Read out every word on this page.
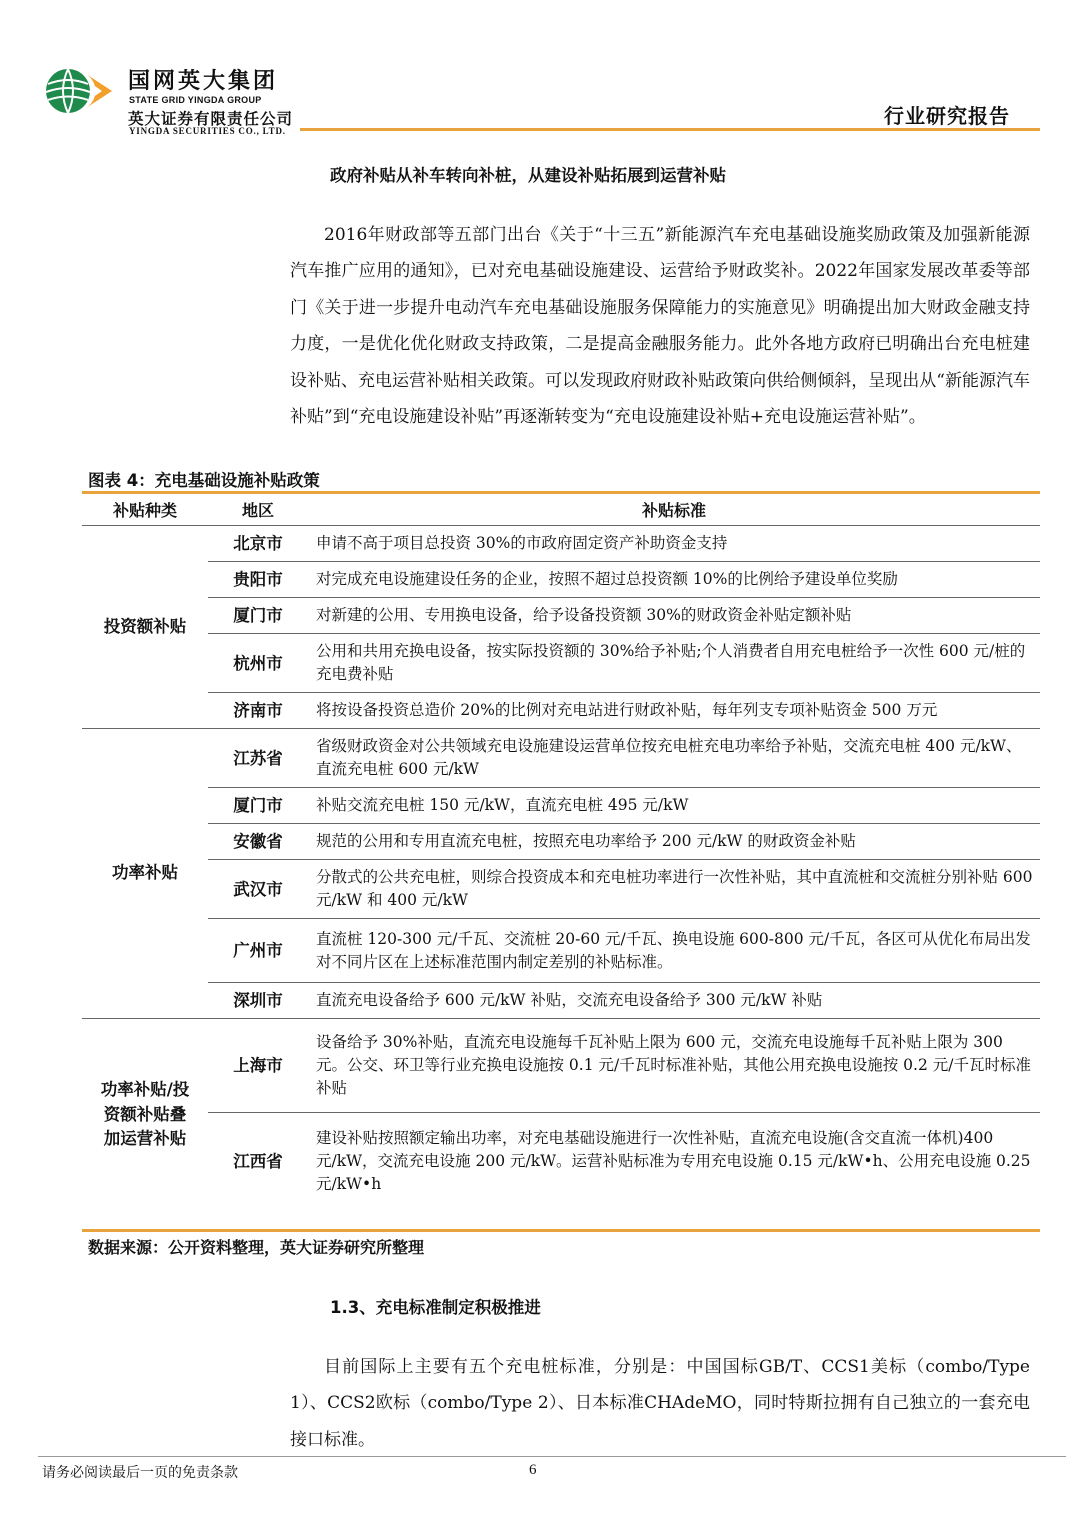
国网英大集团
STATE GRID YINGDA GROUP
英大证券有限责任公司
YINGDA SECURITIES CO., LTD.
行业研究报告
政府补贴从补车转向补桩，从建设补贴拓展到运营补贴

2016年财政部等五部门出台《关于“十三五”新能源汽车充电基础设施奖励政策及加强新能源汽车推广应用的通知》，已对充电基础设施建设、运营给予财政奖补。2022年国家发展改革委等部门《关于进一步提升电动汽车充电基础设施服务保障能力的实施意见》明确提出加大财政金融支持力度，一是优化优化财政支持政策，二是提高金融服务能力。此外各地方政府已明确出台充电桩建设补贴、充电运营补贴相关政策。可以发现政府财政补贴政策向供给侧倾斜，呈现出从“新能源汽车补贴”到“充电设施建设补贴”再逐渐转变为“充电设施建设补贴+充电设施运营补贴”。

图表 4：充电基础设施补贴政策
补贴种类	地区	补贴标准
投资额补贴	北京市	申请不高于项目总投资 30%的市政府固定资产补助资金支持
	贵阳市	对完成充电设施建设任务的企业，按照不超过总投资额 10%的比例给予建设单位奖励
	厦门市	对新建的公用、专用换电设备，给予设备投资额 30%的财政资金补贴定额补贴
	杭州市	公用和共用充换电设备，按实际投资额的 30%给予补贴;个人消费者自用充电桩给予一次性 600 元/桩的充电费补贴
	济南市	将按设备投资总造价 20%的比例对充电站进行财政补贴，每年列支专项补贴资金 500 万元
功率补贴	江苏省	省级财政资金对公共领域充电设施建设运营单位按充电桩充电功率给予补贴，交流充电桩 400 元/kW、直流充电桩 600 元/kW
	厦门市	补贴交流充电桩 150 元/kW，直流充电桩 495 元/kW
	安徽省	规范的公用和专用直流充电桩，按照充电功率给予 200 元/kW 的财政资金补贴
	武汉市	分散式的公共充电桩，则综合投资成本和充电桩功率进行一次性补贴，其中直流桩和交流桩分别补贴 600 元/kW 和 400 元/kW
	广州市	直流桩 120-300 元/千瓦、交流桩 20-60 元/千瓦、换电设施 600-800 元/千瓦，各区可从优化布局出发对不同片区在上述标准范围内制定差别的补贴标准。
	深圳市	直流充电设备给予 600 元/kW 补贴，交流充电设备给予 300 元/kW 补贴
功率补贴/投
资额补贴叠
加运营补贴	上海市	设备给予 30%补贴，直流充电设施每千瓦补贴上限为 600 元，交流充电设施每千瓦补贴上限为 300 元。公交、环卫等行业充换电设施按 0.1 元/千瓦时标准补贴，其他公用充换电设施按 0.2 元/千瓦时标准补贴
	江西省	建设补贴按照额定输出功率，对充电基础设施进行一次性补贴，直流充电设施(含交直流一体机)400 元/kW，交流充电设施 200 元/kW。运营补贴标准为专用充电设施 0.15 元/kW•h、公用充电设施 0.25 元/kW•h
数据来源：公开资料整理，英大证券研究所整理
1.3、充电标准制定积极推进

目前国际上主要有五个充电桩标准，分别是：中国国标GB/T、CCS1美标（combo/Type 1）、CCS2欧标（combo/Type 2）、日本标准CHAdeMO，同时特斯拉拥有自己独立的一套充电接口标准。

请务必阅读最后一页的免责条款	6
